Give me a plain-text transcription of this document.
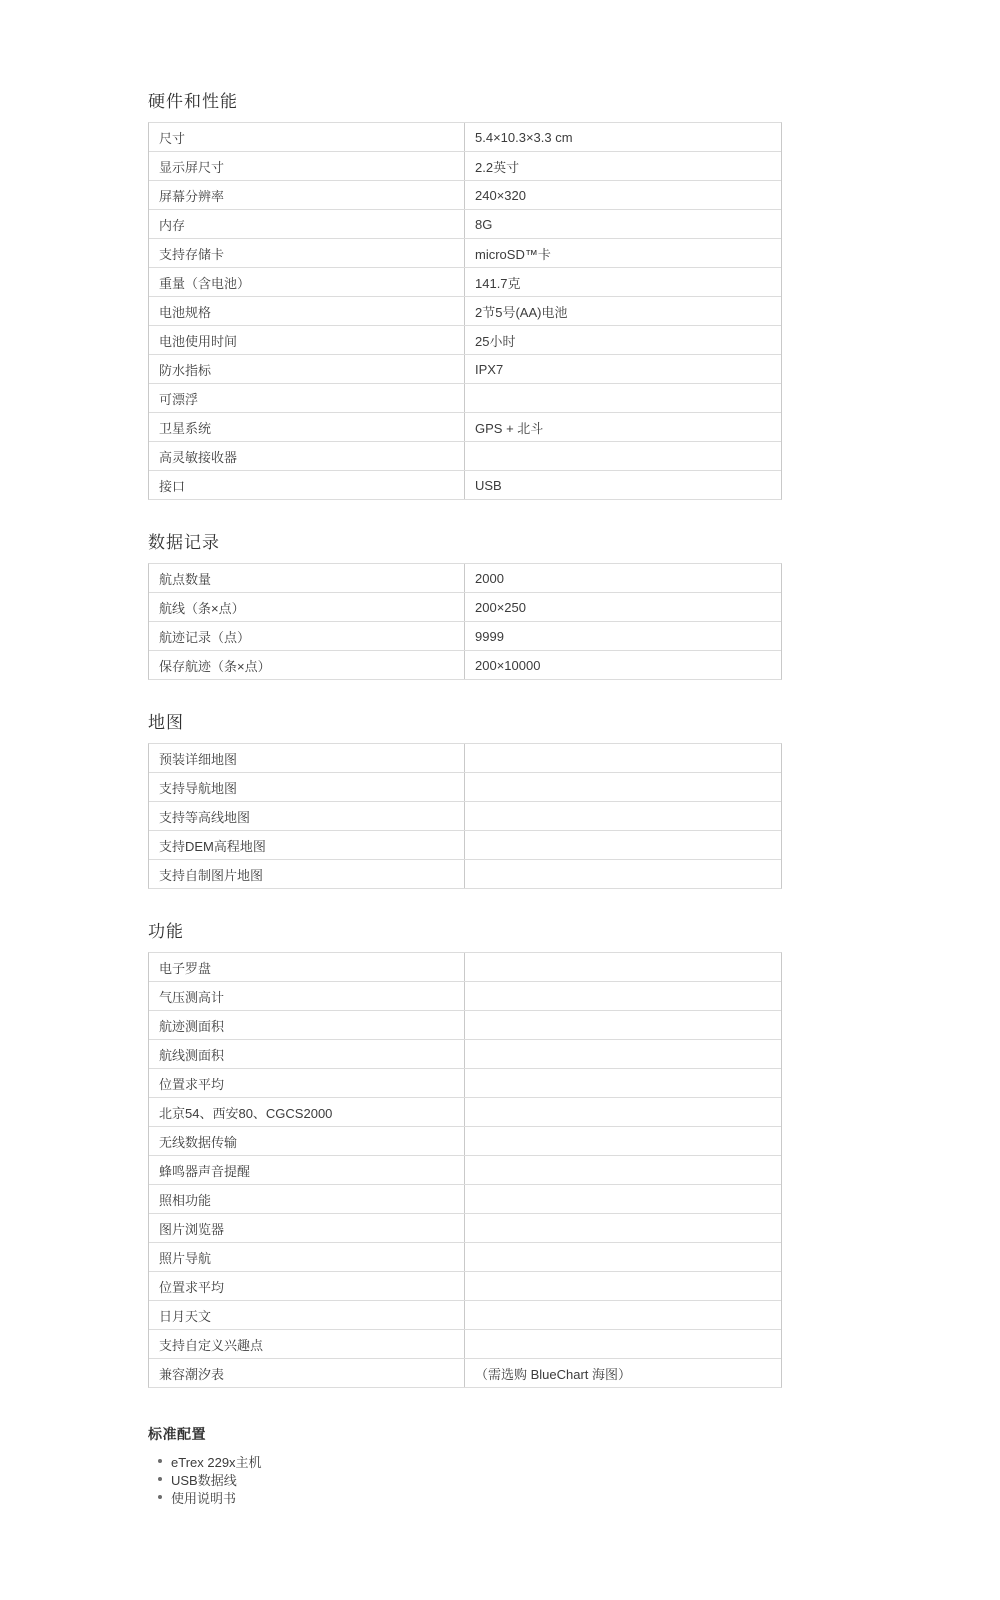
硬件和性能
尺寸	5.4×10.3×3.3 cm
显示屏尺寸	2.2英寸
屏幕分辨率	240×320
内存	8G
支持存储卡	microSD™卡
重量（含电池）	141.7克
电池规格	2节5号(AA)电池
电池使用时间	25小时
防水指标	IPX7
可漂浮
卫星系统	GPS + 北斗
高灵敏接收器
接口	USB
数据记录
航点数量	2000
航线（条×点）	200×250
航迹记录（点）	9999
保存航迹（条×点）	200×10000
地图
预装详细地图
支持导航地图
支持等高线地图
支持DEM高程地图
支持自制图片地图
功能
电子罗盘
气压测高计
航迹测面积
航线测面积
位置求平均
北京54、西安80、CGCS2000
无线数据传输
蜂鸣器声音提醒
照相功能
图片浏览器
照片导航
位置求平均
日月天文
支持自定义兴趣点
兼容潮汐表	（需选购 BlueChart 海图）
标准配置
eTrex 229x主机
USB数据线
使用说明书
